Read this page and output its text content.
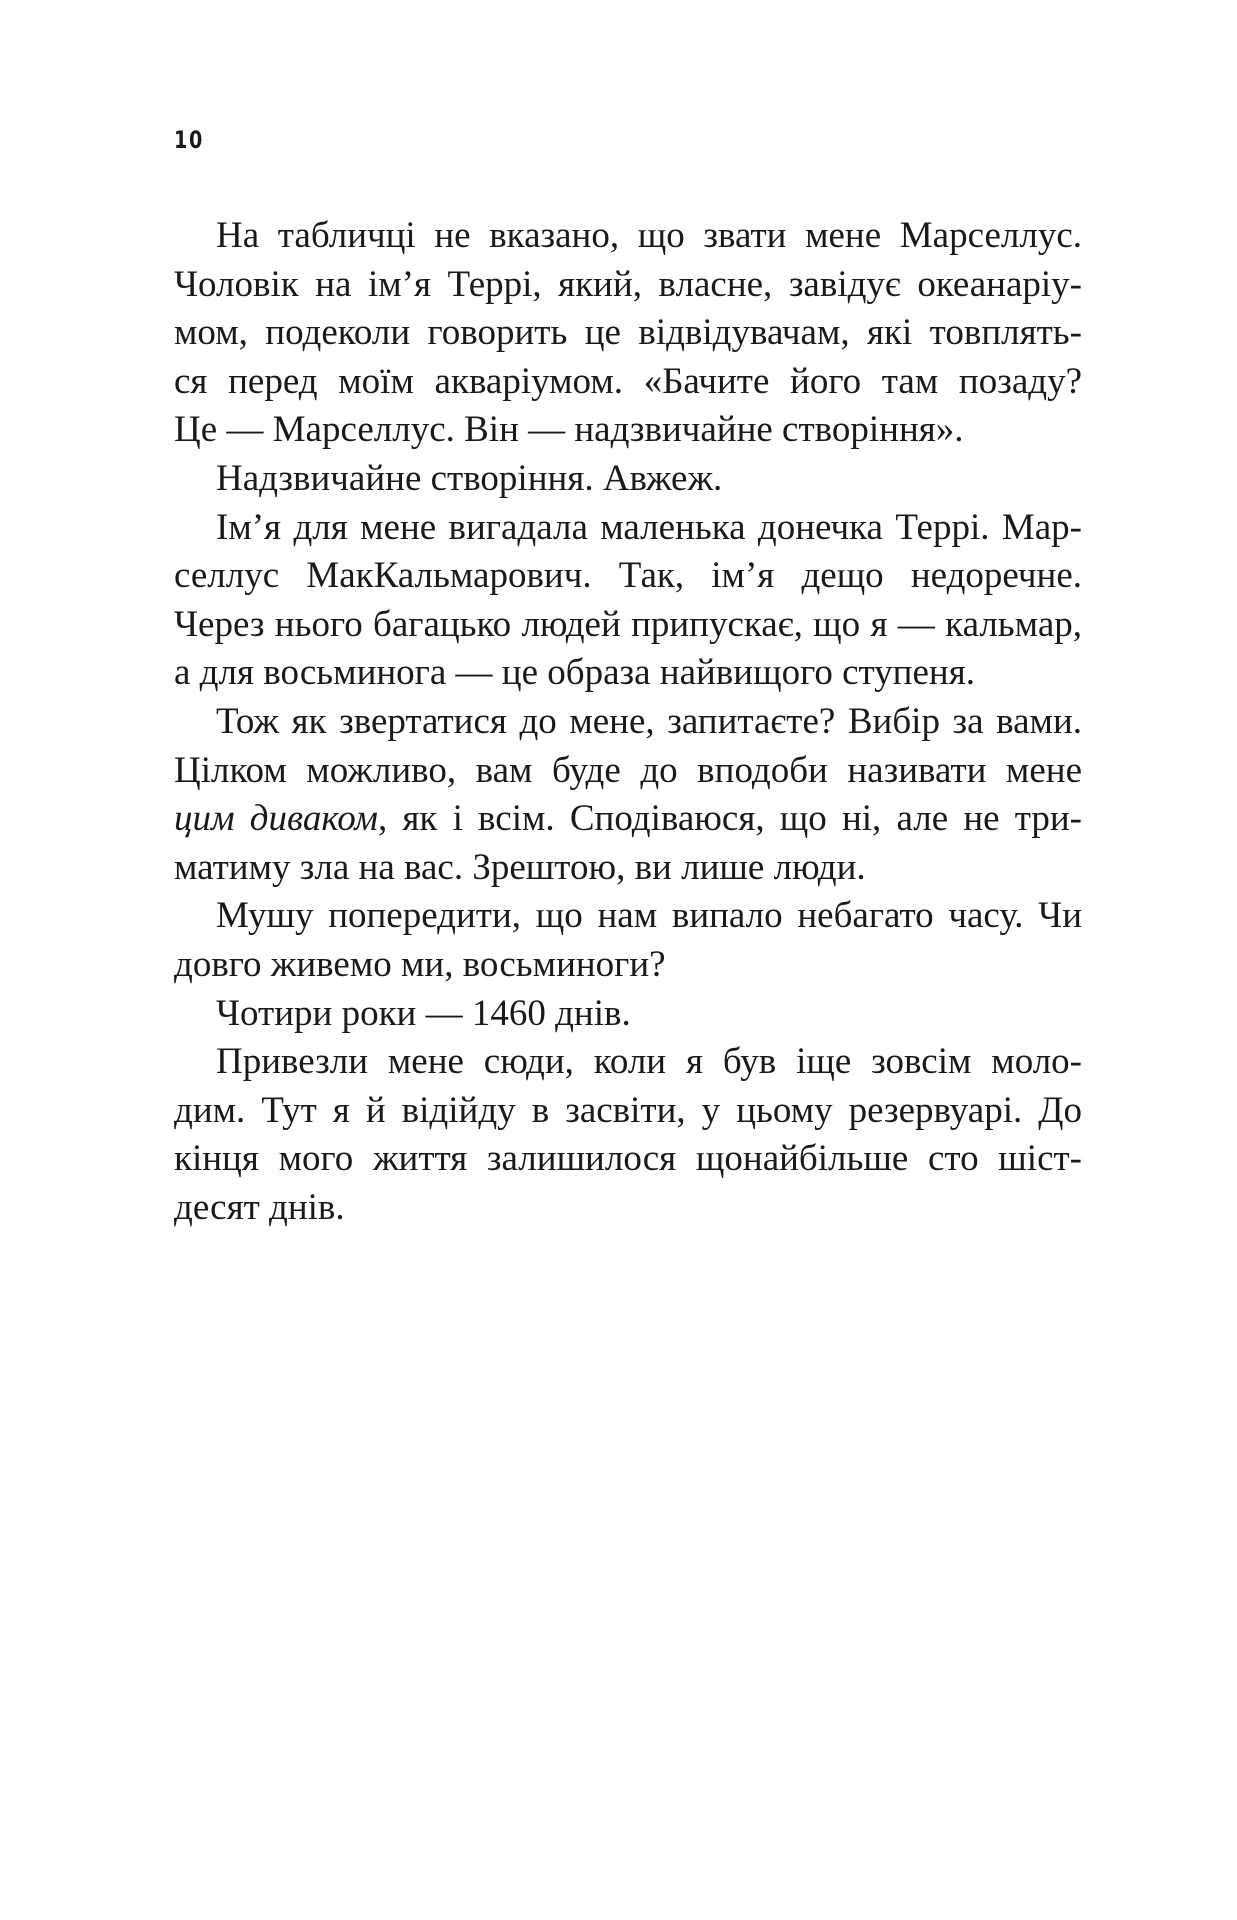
10
На табличці не вказано, що звати мене Марселлус.
Чоловік на ім’я Террі, який, власне, завідує океанаріу-
мом, подеколи говорить це відвідувачам, які товплять-
ся перед моїм акваріумом. «Бачите його там позаду?
Це — Марселлус. Він — надзвичайне створіння».
Надзвичайне створіння. Авжеж.
Ім’я для мене вигадала маленька донечка Террі. Мар-
селлус МакКальмарович. Так, ім’я дещо недоречне.
Через нього багацько людей припускає, що я — кальмар,
а для восьминога — це образа найвищого ступеня.
Тож як звертатися до мене, запитаєте? Вибір за вами.
Цілком можливо, вам буде до вподоби називати мене
цим диваком, як і всім. Сподіваюся, що ні, але не три-
матиму зла на вас. Зрештою, ви лише люди.
Мушу попередити, що нам випало небагато часу. Чи
довго живемо ми, восьминоги?
Чотири роки — 1460 днів.
Привезли мене сюди, коли я був іще зовсім моло-
дим. Тут я й відійду в засвіти, у цьому резервуарі. До
кінця мого життя залишилося щонайбільше сто шіст-
десят днів.
